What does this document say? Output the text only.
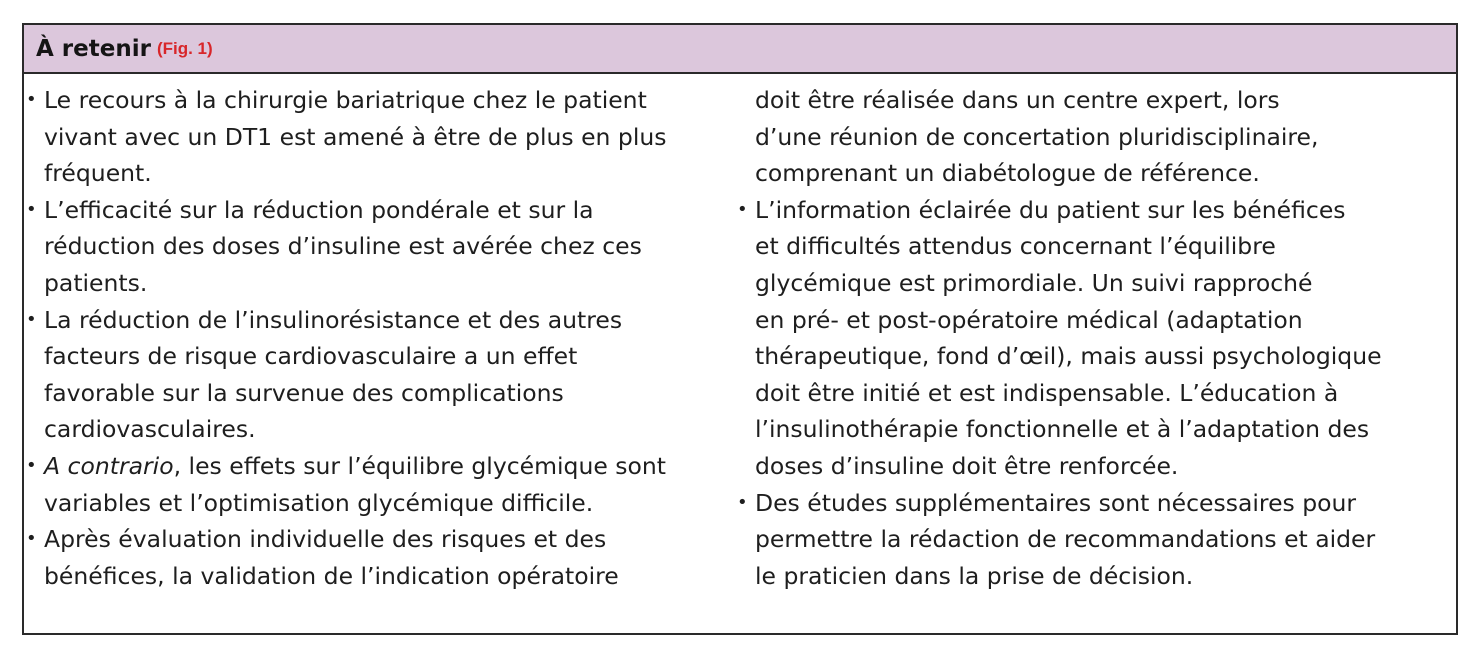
À retenir (Fig. 1)
• Le recours à la chirurgie bariatrique chez le patient
vivant avec un DT1 est amené à être de plus en plus
fréquent.
• L’efficacité sur la réduction pondérale et sur la
réduction des doses d’insuline est avérée chez ces
patients.
• La réduction de l’insulinorésistance et des autres
facteurs de risque cardiovasculaire a un effet
favorable sur la survenue des complications
cardiovasculaires.
• A contrario, les effets sur l’équilibre glycémique sont
variables et l’optimisation glycémique difficile.
• Après évaluation individuelle des risques et des
bénéfices, la validation de l’indication opératoire
doit être réalisée dans un centre expert, lors
d’une réunion de concertation pluridisciplinaire,
comprenant un diabétologue de référence.
• L’information éclairée du patient sur les bénéfices
et difficultés attendus concernant l’équilibre
glycémique est primordiale. Un suivi rapproché
en pré- et post-opératoire médical (adaptation
thérapeutique, fond d’œil), mais aussi psychologique
doit être initié et est indispensable. L’éducation à
l’insulinothérapie fonctionnelle et à l’adaptation des
doses d’insuline doit être renforcée.
• Des études supplémentaires sont nécessaires pour
permettre la rédaction de recommandations et aider
le praticien dans la prise de décision.
